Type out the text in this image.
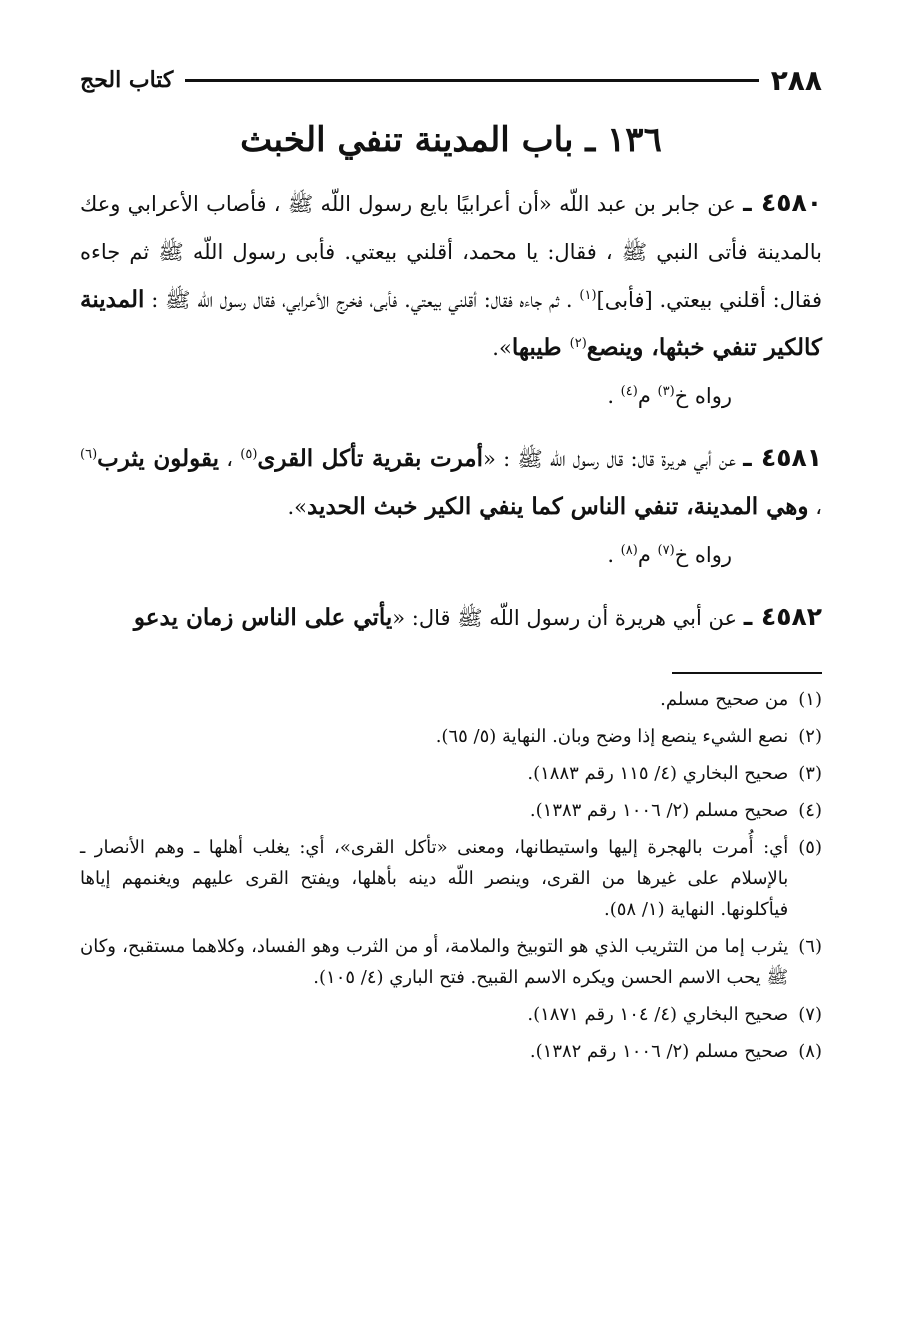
٢٨٨
كتاب الحج
١٣٦ ـ باب المدينة تنفي الخبث

٤٥٨٠ ـ عن جابر بن عبد اللّه «أن أعرابيًا بايع رسول اللّه ﷺ ، فأصاب الأعرابي وعك بالمدينة فأتى النبي ﷺ ، فقال: يا محمد، أقلني بيعتي. فأبى رسول اللّه ﷺ ثم جاءه فقال: أقلني بيعتي. [فأبى]$^{(١)}$ . ثم جاءه فقال: أقلني بيعتي. فأبى، فخرج الأعرابي، فقال رسول اللّه ﷺ : المدينة كالكير تنفي خبثها، وينصع$^{(٢)}$ طيبها».

رواه خ$^{(٣)}$ م$^{(٤)}$ .

٤٥٨١ ـ عن أبي هريرة قال: قال رسول اللّه ﷺ : «أمرت بقرية تأكل القرى$^{(٥)}$ ، يقولون يثرب$^{(٦)}$ ، وهي المدينة، تنفي الناس كما ينفي الكير خبث الحديد».

رواه خ$^{(٧)}$ م$^{(٨)}$ .

٤٥٨٢ ـ عن أبي هريرة أن رسول اللّه ﷺ قال: «يأتي على الناس زمان يدعو

(١)
من صحيح مسلم.
(٢)
نصع الشيء ينصع إذا وضح وبان. النهاية (٥/ ٦٥).
(٣)
صحيح البخاري (٤/ ١١٥ رقم ١٨٨٣).
(٤)
صحيح مسلم (٢/ ١٠٠٦ رقم ١٣٨٣).
(٥)
أي: أُمرت بالهجرة إليها واستيطانها، ومعنى «تأكل القرى»، أي: يغلب أهلها ـ وهم الأنصار ـ بالإسلام على غيرها من القرى، وينصر اللّه دينه بأهلها، ويفتح القرى عليهم ويغنمهم إياها فيأكلونها. النهاية (١/ ٥٨).
(٦)
يثرب إما من التثريب الذي هو التوبيخ والملامة، أو من الثرب وهو الفساد، وكلاهما مستقبح، وكان ﷺ يحب الاسم الحسن ويكره الاسم القبيح. فتح الباري (٤/ ١٠٥).
(٧)
صحيح البخاري (٤/ ١٠٤ رقم ١٨٧١).
(٨)
صحيح مسلم (٢/ ١٠٠٦ رقم ١٣٨٢).
